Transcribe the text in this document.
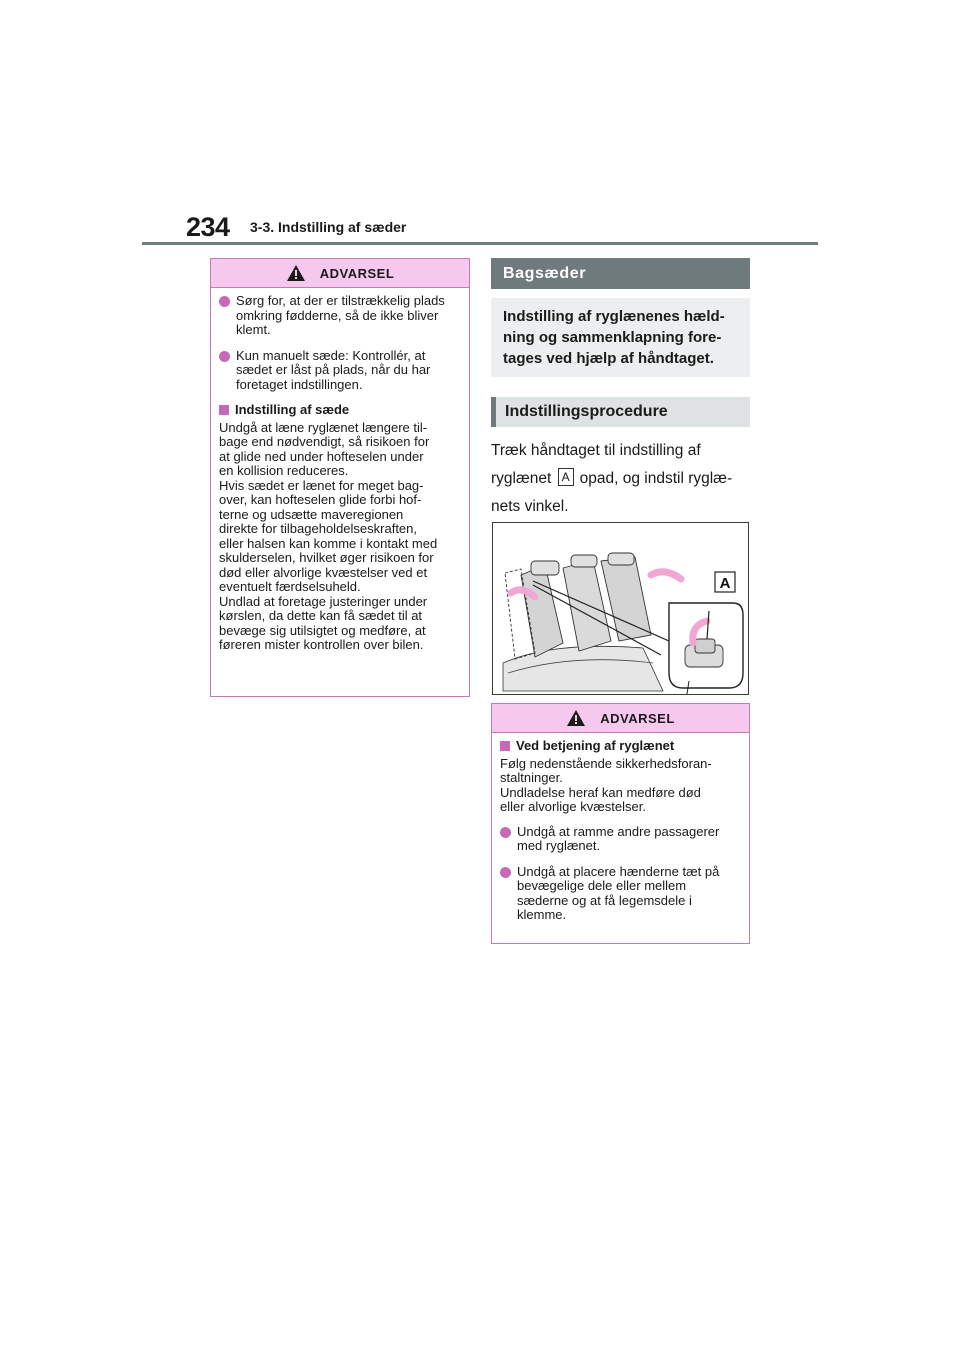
234 3-3. Indstilling af sæder
ADVARSEL
Sørg for, at der er tilstrækkelig plads omkring fødderne, så de ikke bliver klemt.
Kun manuelt sæde: Kontrollér, at sædet er låst på plads, når du har foretaget indstillingen.
Indstilling af sæde
Undgå at læne ryglænet længere til-
bage end nødvendigt, så risikoen for
at glide ned under hofteselen under
en kollision reduceres.
Hvis sædet er lænet for meget bag-
over, kan hofteselen glide forbi hof-
terne og udsætte maveregionen
direkte for tilbageholdelseskraften,
eller halsen kan komme i kontakt med
skulderselen, hvilket øger risikoen for
død eller alvorlige kvæstelser ved et
eventuelt færdselsuheld.
Undlad at foretage justeringer under
kørslen, da dette kan få sædet til at
bevæge sig utilsigtet og medføre, at
føreren mister kontrollen over bilen.
Bagsæder
Indstilling af ryglænenes hæld-
ning og sammenklapning fore-
tages ved hjælp af håndtaget.
Indstillingsprocedure
Træk håndtaget til indstilling af
ryglænet A opad, og indstil ryglæ-
nets vinkel.
A
ADVARSEL
Ved betjening af ryglænet
Følg nedenstående sikkerhedsforan-
staltninger.
Undladelse heraf kan medføre død
eller alvorlige kvæstelser.
Undgå at ramme andre passagerer med ryglænet.
Undgå at placere hænderne tæt på bevægelige dele eller mellem sæderne og at få legemsdele i klemme.
